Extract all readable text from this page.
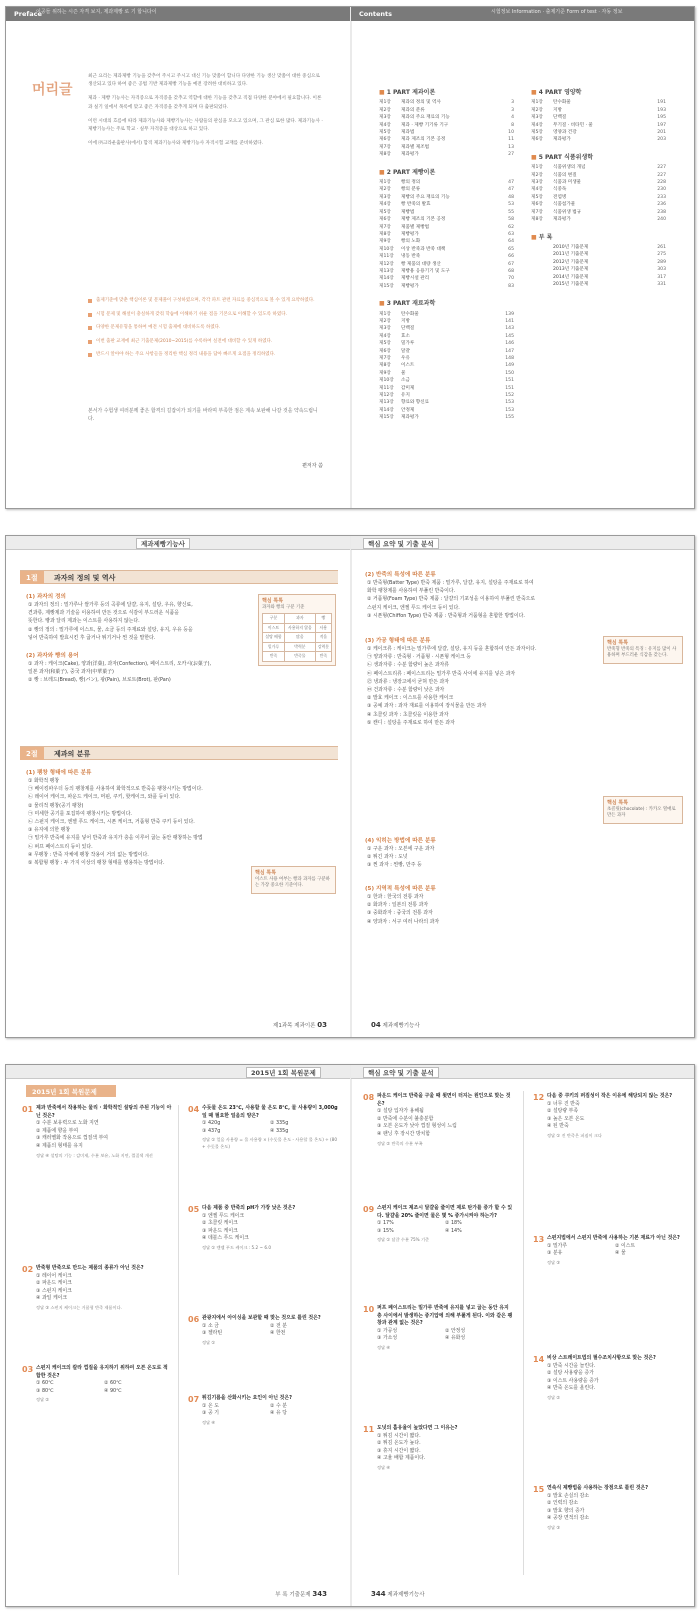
Preface
이공들 위하는 시즌 자격 보지, 제과제빵 로 기 합니다이
머리글

최근 요리는 제과제빵 기능을 갖추어 주시고 주시고 대신 기능 맞춤이 합니다 다양한 기능 생산 맞춤이 대한 중심으로 생산되고 있다 하여 좋은 공법 기반 제과제빵 기능을 예전 장려한 대비하고 있다.

제과 · 제빵 기능사는 자격증으로 자격증을 갖추고 역할에 대한 기능을 갖추고 직접 다양한 분야에서 필요합니다. 이론과 실기 일에서 목록에 맞고 좋은 자격증을 갖추게 되며 다 출판되었다.

이런 시대의 흐름에 따라 제과기능사와 제빵기능사는 사람들의 관심을 모으고 있으며, 그 관심 또한 많다. 제과기능사 · 제빵기능사는 주로 학교 · 실무 자격증을 대상으로 하고 있다.

이에 ㈜크라운출판사(에서) 합격 제과기능사와 제빵기능사 자격시험 교재를 준비하였다.

출제기준에 맞춘 핵심이론 및 문제풀이 구성하였으며, 각각 파트 관련 자료를 중심적으로 볼 수 있게 요약하였다.
시험 문제 및 해설이 충실하게 갖춰 학습에 이해하기 쉬운 점을 기본으로 이해할 수 있도록 하였다.
다양한 문제유형을 통하여 예전 시험 출제에 대비하도록 하였다.
이번 출판 교재에 최근 기출문제(2010~2015)를 수록하여 실전에 대비할 수 있게 하였다.
반드시 알아야 하는 주요 사항들을 정리한 핵심 정리 내용을 담아 빠르게 요점을 정리하였다.
본서가 수험생 여러분께 좋은 합격의 길잡이가 되기를 바라며 부족한 점은 계속 보완해 나갈 것을 약속드립니다.
편저자 씀
Contents	시험정보 Information · 출제기준 Form of test · 자동 정보
■ 1 PART 제과이론
제1장	제과의 정의 및 역사	3
제2장	제과의 분류	3
제3장	제과의 주요 재료의 기능	4
제4장	제과 · 제빵 기기류 기구	8
제5장	제과법	10
제6장	제과 제조의 기본 공정	11
제7장	제과별 제조법	13
제8장	제과평가	27
■ 2 PART 제빵이론
제1장	빵의 정의	47
제2장	빵의 분류	47
제3장	제빵의 주요 재료의 기능	48
제4장	빵 반죽의 발효	53
제5장	제빵법	55
제6장	제빵 제조의 기본 공정	58
제7장	제품별 제빵법	62
제8장	제빵평가	63
제9장	빵의 노화	64
제10장	이상 반죽과 반죽 대책	65
제11장	냉동 반죽	66
제12장	빵 제품의 대량 생산	67
제13장	제빵용 응용기기 및 도구	68
제14장	제빵시설 관리	70
제15장	제빵평가	83
■ 3 PART 재료과학
제1장	탄수화물	139
제2장	지방	141
제3장	단백질	143
제4장	효소	145
제5장	밀가루	146
제6장	달걀	147
제7장	우유	148
제8장	이스트	149
제9장	물	150
제10장	소금	151
제11장	감미제	151
제12장	유지	152
제13장	향료와 향신료	153
제14장	안정제	153
제15장	제과평가	155
■ 4 PART 영양학
제1장	탄수화물	191
제2장	지방	193
제3장	단백질	195
제4장	무기질 · 비타민 · 물	197
제5장	영양과 건강	201
제6장	제과평가	203
■ 5 PART 식품위생학
제1장	식품위생의 개념	227
제2장	식품의 변질	227
제3장	식품과 미생물	228
제4장	식중독	230
제5장	전염병	233
제6장	식품첨가물	236
제7장	식품위생 법규	238
제8장	제과평가	240
■ 부 록
2010년 기출문제	261
2011년 기출문제	275
2012년 기출문제	289
2013년 기출문제	303
2014년 기출문제	317
2015년 기출문제	331
제과제빵기능사
1절	과자의 정의 및 역사
(1) 과자의 정의
① 과자의 정의 : 밀가루나 쌀가루 등의 곡류에 달걀, 유지, 설탕, 우유, 향신료,
견과류, 제빵제과 기술을 이용하여 만든 것으로 식감이 부드러운 식품을
뜻한다. 빵과 달리 제과는 이스트를 사용하지 않는다.
② 빵의 정의 : 밀가루에 이스트, 물, 소금 등의 주재료와 설탕, 유지, 우유 등을
넣어 반죽하여 발효시킨 후 굽거나 튀기거나 찐 것을 말한다.
(2) 과자와 빵의 용어
① 과자 : 케이크(Cake), 양과(洋菓), 과자(Confection), 페이스트리, 오카시(お菓子),
일본 과자(和菓子), 중국 과자(中華菓子)
② 빵 : 브레드(Bread), 빵(パン), 팡(Pain), 브로트(Brot), 판(Pan)
핵심 톡톡
과자와 빵의 구분 기준
구분	과자	빵
이스트	사용하지 않음	사용
설탕 배합	많음	적음
밀가루	박력분	강력분
반죽	반죽물	반죽
2절	제과의 분류
(1) 팽창 형태에 따른 분류
① 화학적 팽창
㉠ 베이킹파우더 등의 팽창제를 사용하여 화학적으로 반죽을 팽창시키는 방법이다.
㉡ 레이어 케이크, 파운드 케이크, 머핀, 쿠키, 핫케이크, 와플 등이 있다.
② 물리적 팽창(공기 팽창)
㉠ 미세한 공기를 포집하여 팽창시키는 방법이다.
㉡ 스펀지 케이크, 엔젤 푸드 케이크, 시폰 케이크, 거품형 반죽 쿠키 등이 있다.
③ 유지에 의한 팽창
㉠ 밀가루 반죽에 유지를 넣어 반죽과 유지가 층을 이루어 굽는 동안 팽창하는 방법
㉡ 퍼프 페이스트리 등이 있다.
④ 무팽창 : 반죽 자체에 팽창 작용이 거의 없는 방법이다.
⑤ 복합형 팽창 : 두 가지 이상의 팽창 형태를 병용하는 방법이다.
핵심 톡톡
이스트 사용 여부는 빵과 과자를 구분하는 가장 중요한 기준이다.
제1과목 제과이론 03
핵심 요약 및 기출 분석
(2) 반죽의 특성에 따른 분류
① 반죽형(Batter Type) 반죽 제품 : 밀가루, 달걀, 유지, 설탕을 주재료로 하여
화학 팽창제를 사용하여 부풀린 반죽이다.
② 거품형(Foam Type) 반죽 제품 : 달걀의 기포성을 이용하여 부풀린 반죽으로
스펀지 케이크, 엔젤 푸드 케이크 등이 있다.
③ 시폰형(Chiffon Type) 반죽 제품 : 반죽형과 거품형을 혼합한 방법이다.
핵심 톡톡
반죽형 반죽의 특징 : 유지를 많이 사용하며 부드러운 식감을 갖는다.
(3) 가공 형태에 따른 분류
① 케이크류 : 케이크는 밀가루에 달걀, 설탕, 유지 등을 혼합하여 만든 과자이다.
㉠ 양과자류 : 반죽형 · 거품형 · 시폰형 케이크 등
㉡ 생과자류 : 수분 함량이 높은 과자류
㉢ 페이스트리류 : 페이스트리는 밀가루 반죽 사이에 유지를 넣은 과자
㉣ 냉과류 : 냉장고에서 굳혀 만든 과자
㉤ 건과자류 : 수분 함량이 낮은 과자
② 발효 케이크 : 이스트를 사용한 케이크
③ 공예 과자 : 과자 재료를 이용하여 장식물을 만든 과자
④ 초콜릿 과자 : 초콜릿을 이용한 과자
⑤ 캔디 : 설탕을 주재료로 하여 만든 과자
핵심 톡톡
초콜릿(chocolate) : 카카오 열매로 만든 과자
(4) 익히는 방법에 따른 분류
① 구운 과자 : 오븐에 구운 과자
② 튀긴 과자 : 도넛
③ 찐 과자 : 찐빵, 만주 등
(5) 지역적 특성에 따른 분류
① 한과 : 한국의 전통 과자
② 화과자 : 일본의 전통 과자
③ 중화과자 : 중국의 전통 과자
④ 양과자 : 서구 여러 나라의 과자
04 제과제빵기능사
2015년 1회 복원문제
2015년 1회 복원문제
01 제과 반죽에서 작용하는 물리 · 화학적인 설탕의 주된 기능이 아닌 것은?
① 수분 보유력으로 노화 지연
② 제품에 향을 부여
③ 캐러멜화 작용으로 껍질색 부여
④ 제품의 형태를 유지
정답 ④ 설탕의 기능 : 감미제, 수분 보유, 노화 지연, 껍질색 개선
02 반죽형 반죽으로 만드는 제품의 종류가 아닌 것은?
① 레이어 케이크
② 파운드 케이크
③ 스펀지 케이크
④ 과일 케이크
정답 ③ 스펀지 케이크는 거품형 반죽 제품이다.
03 스펀지 케이크의 칼라 껍질을 유지하기 위하여 오븐 온도로 적합한 것은?
① 60℃	② 60℃
③ 80℃	④ 90℃
정답 ②
04 수돗물 온도 23℃, 사용할 물 온도 8℃, 물 사용량이 3,000g일 때 필요한 얼음의 양은?
① 420g	② 335g
③ 437g	④ 335g
정답 ① 얼음 사용량 = 물 사용량 × (수돗물 온도 - 사용할 물 온도) ÷ (80 + 수돗물 온도)
05 다음 제품 중 반죽의 pH가 가장 낮은 것은?
① 엔젤 푸드 케이크
② 초콜릿 케이크
③ 파운드 케이크
④ 데블스 푸드 케이크
정답 ① 엔젤 푸드 케이크 : 5.2 ~ 6.0
06 관광지에서 아이싱을 보관할 때 맞는 것으로 틀린 것은?
① 소 금	② 전 분
③ 젤라틴	④ 한천
정답 ①
07 튀김기름을 산화시키는 요인이 아닌 것은?
① 온 도	② 수 분
③ 공 기	④ 유 당
정답 ④
부 록 기출문제 343
핵심 요약 및 기출 분석
08 파운드 케이크 반죽을 구울 때 윗면이 터지는 원인으로 맞는 것은?
① 설탕 입자가 용해됨
② 반죽에 수분이 불충분함
③ 오븐 온도가 낮아 껍질 형성이 느림
④ 팬닝 후 장시간 방치함
정답 ② 반죽의 수분 부족
09 스펀지 케이크 제조시 달걀을 줄이면 제로 탄가를 증가 할 수 있다. 달걀을 20% 줄이면 물은 몇 % 증가시켜야 하는가?
① 17%	② 18%
③ 15%	④ 14%
정답 ① 달걀 수분 75% 기준
10 퍼프 페이스트리는 밀가루 반죽에 유지를 넣고 굽는 동안 유지층 사이에서 발생하는 증기압에 의해 부풀게 된다. 이와 같은 팽창과 관계 없는 것은?
① 가공성	② 안정성
③ 가소성	④ 유화성
정답 ④
11 도넛의 흡유율이 높았다면 그 이유는?
① 튀김 시간이 짧다.
② 튀김 온도가 높다.
③ 휴지 시간이 짧다.
④ 고율 배합 제품이다.
정답 ④
12 다음 중 쿠키의 퍼짐성이 작은 이유에 해당되지 않는 것은?
① 너무 진 반죽
② 설탕량 부족
③ 높은 오븐 온도
④ 된 반죽
정답 ① 진 반죽은 퍼짐이 크다
13 스펀지법에서 스펀지 반죽에 사용하는 기본 재료가 아닌 것은?
① 밀가루	② 이스트
③ 분유	④ 물
정답 ③
14 비상 스트레이트법의 필수조치사항으로 맞는 것은?
① 반죽 시간을 늘린다.
② 설탕 사용량을 증가
③ 이스트 사용량을 증가
④ 반죽 온도를 올린다.
정답 ②
15 연속식 제빵법을 사용하는 장점으로 틀린 것은?
① 발효 손실의 감소
② 인력의 감소
③ 발효 향의 증가
④ 공장 면적의 감소
정답 ③
344 제과제빵기능사
